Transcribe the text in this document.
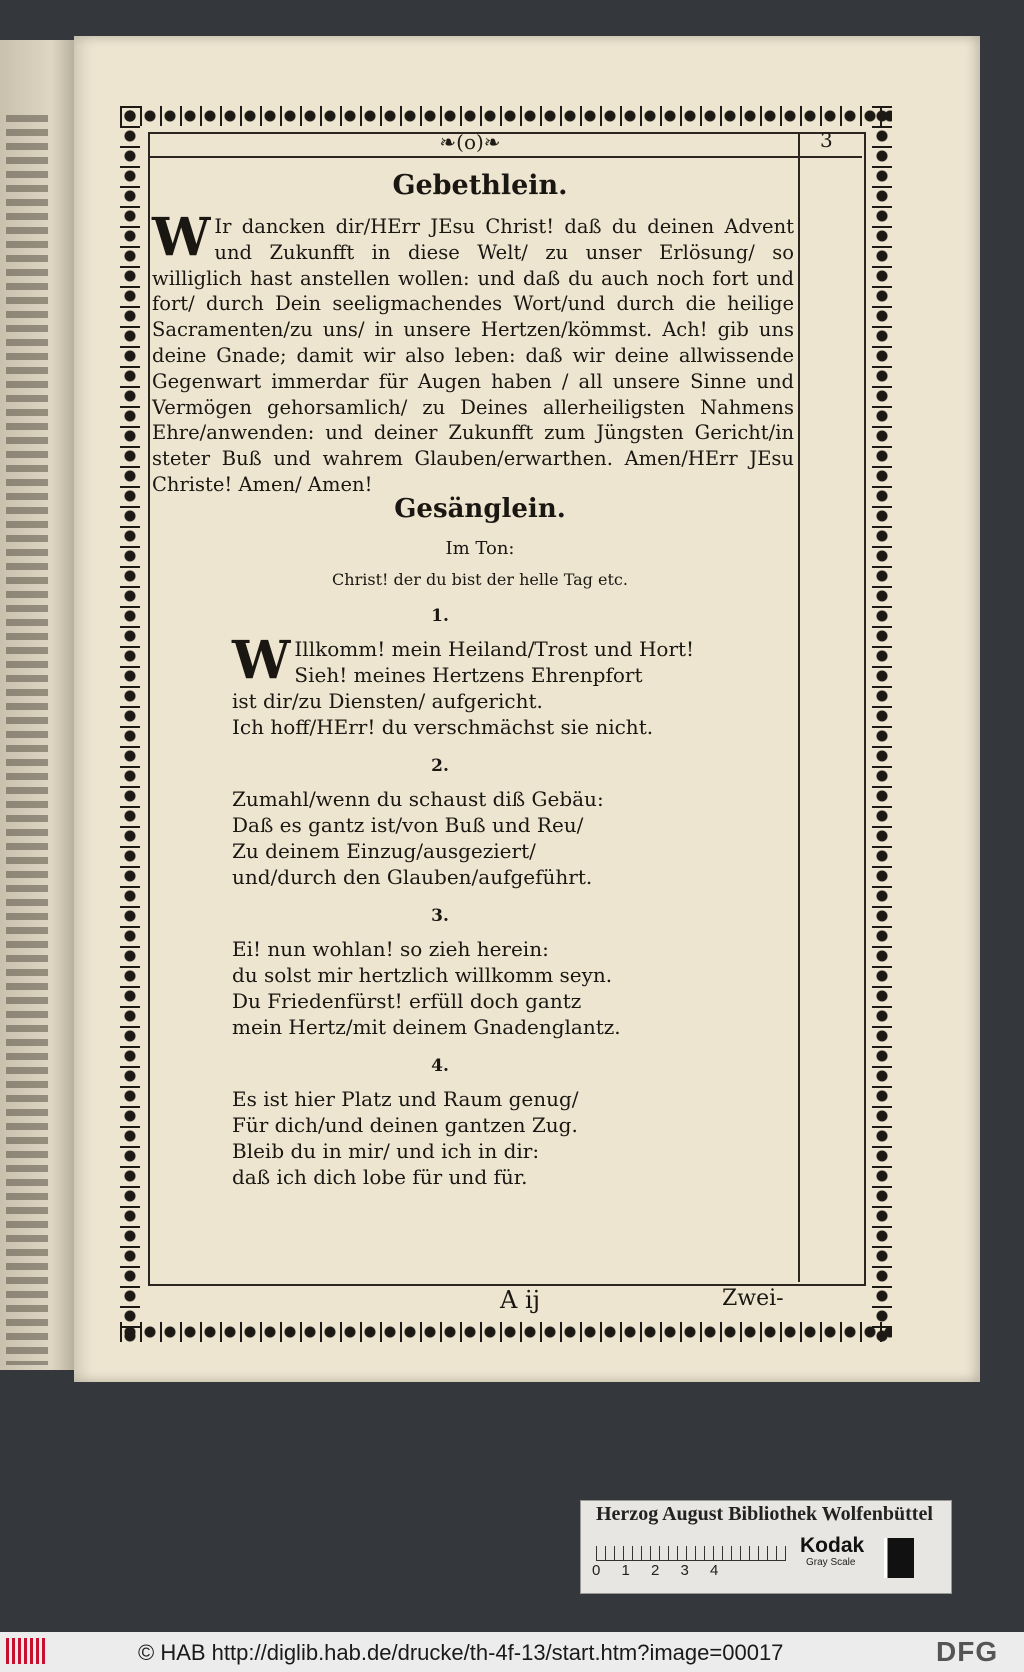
❧(o)❧	3
Gebethlein.
W Ir dancken dir/HErr JEsu Christ! daß du deinen Advent und Zukunfft in diese Welt/ zu unser Erlösung/ so williglich hast anstellen wollen: und daß du auch noch fort und fort/ durch Dein seeligmachendes Wort/und durch die heilige Sacramenten/zu uns/ in unsere Hertzen/kömmst. Ach! gib uns deine Gnade; damit wir also leben: daß wir deine allwissende Gegenwart immerdar für Augen haben / all unsere Sinne und Vermögen gehorsamlich/ zu Deines allerheiligsten Nahmens Ehre/anwenden: und deiner Zukunfft zum Jüngsten Gericht/in steter Buß und wahrem Glauben/erwarthen. Amen/HErr JEsu Christe! Amen/ Amen!
Gesänglein.
Im Ton:
Christ! der du bist der helle Tag etc.
1.
W Illkomm! mein Heiland/Trost und Hort!
Sieh! meines Hertzens Ehrenpfort
ist dir/zu Diensten/ aufgericht.
Ich hoff/HErr! du verschmächst sie nicht.
2.
Zumahl/wenn du schaust diß Gebäu:
Daß es gantz ist/von Buß und Reu/
Zu deinem Einzug/ausgeziert/
und/durch den Glauben/aufgeführt.
3.
Ei! nun wohlan! so zieh herein:
du solst mir hertzlich willkomm seyn.
Du Friedenfürst! erfüll doch gantz
mein Hertz/mit deinem Gnadenglantz.
4.
Es ist hier Platz und Raum genug/
Für dich/und deinen gantzen Zug.
Bleib du in mir/ und ich in dir:
daß ich dich lobe für und für.
A ij	Zwei-
Herzog August Bibliothek Wolfenbüttel
0 1 2 3 4
Kodak
Gray Scale
© HAB http://diglib.hab.de/drucke/th-4f-13/start.htm?image=00017	DFG
